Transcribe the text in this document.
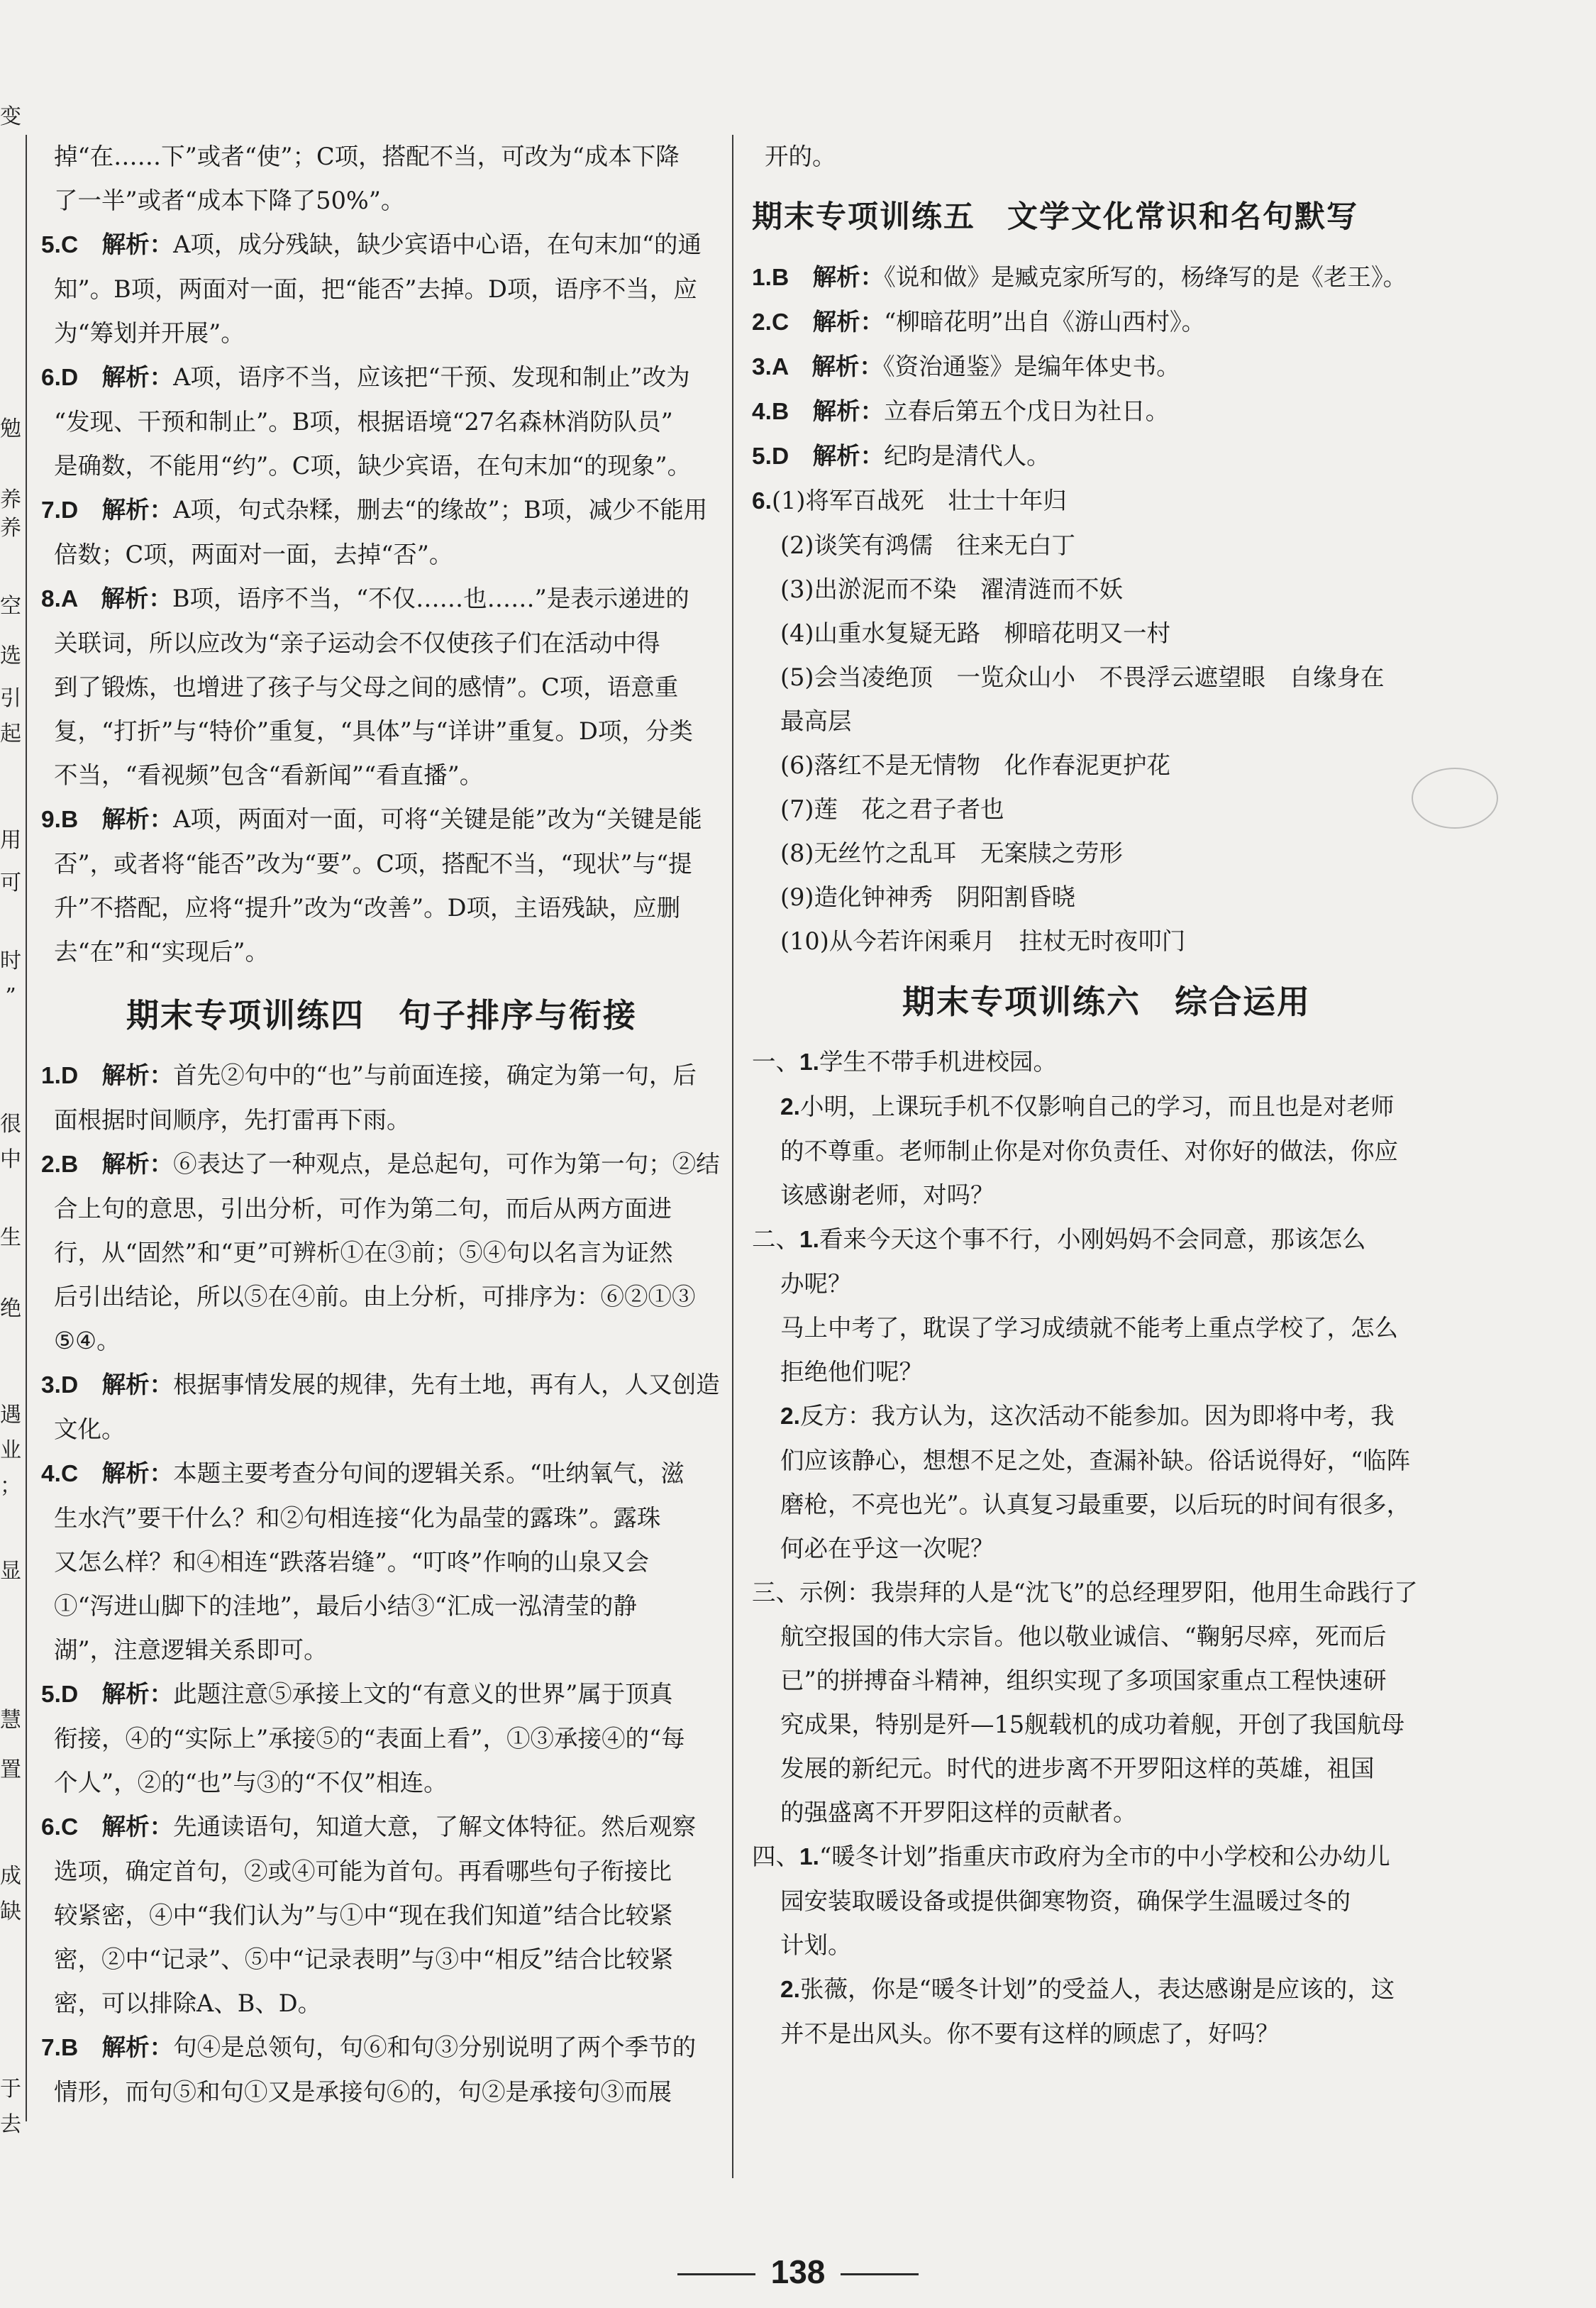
变
勉
养
养
空
选
引
起
用
可
时
”
很
中
生
绝
遇
业
；
显
慧
置
成
缺
于
去

掉“在……下”或者“使”；C项，搭配不当，可改为“成本下降

了一半”或者“成本下降了50%”。

5.C　解析：A项，成分残缺，缺少宾语中心语，在句末加“的通

知”。B项，两面对一面，把“能否”去掉。D项，语序不当，应

为“筹划并开展”。

6.D　解析：A项，语序不当，应该把“干预、发现和制止”改为

“发现、干预和制止”。B项，根据语境“27名森林消防队员”

是确数，不能用“约”。C项，缺少宾语，在句末加“的现象”。

7.D　解析：A项，句式杂糅，删去“的缘故”；B项，减少不能用

倍数；C项，两面对一面，去掉“否”。

8.A　解析：B项，语序不当，“不仅……也……”是表示递进的

关联词，所以应改为“亲子运动会不仅使孩子们在活动中得

到了锻炼，也增进了孩子与父母之间的感情”。C项，语意重

复，“打折”与“特价”重复，“具体”与“详讲”重复。D项，分类

不当，“看视频”包含“看新闻”“看直播”。

9.B　解析：A项，两面对一面，可将“关键是能”改为“关键是能

否”，或者将“能否”改为“要”。C项，搭配不当，“现状”与“提

升”不搭配，应将“提升”改为“改善”。D项，主语残缺，应删

去“在”和“实现后”。

期末专项训练四　句子排序与衔接

1.D　解析：首先②句中的“也”与前面连接，确定为第一句，后

面根据时间顺序，先打雷再下雨。

2.B　解析：⑥表达了一种观点，是总起句，可作为第一句；②结

合上句的意思，引出分析，可作为第二句，而后从两方面进

行，从“固然”和“更”可辨析①在③前；⑤④句以名言为证然

后引出结论，所以⑤在④前。由上分析，可排序为：⑥②①③

⑤④。

3.D　解析：根据事情发展的规律，先有土地，再有人，人又创造

文化。

4.C　解析：本题主要考查分句间的逻辑关系。“吐纳氧气，滋

生水汽”要干什么？和②句相连接“化为晶莹的露珠”。露珠

又怎么样？和④相连“跌落岩缝”。“叮咚”作响的山泉又会

①“泻进山脚下的洼地”，最后小结③“汇成一泓清莹的静

湖”，注意逻辑关系即可。

5.D　解析：此题注意⑤承接上文的“有意义的世界”属于顶真

衔接，④的“实际上”承接⑤的“表面上看”，①③承接④的“每

个人”，②的“也”与③的“不仅”相连。

6.C　解析：先通读语句，知道大意，了解文体特征。然后观察

选项，确定首句，②或④可能为首句。再看哪些句子衔接比

较紧密，④中“我们认为”与①中“现在我们知道”结合比较紧

密，②中“记录”、⑤中“记录表明”与③中“相反”结合比较紧

密，可以排除A、B、D。

7.B　解析：句④是总领句，句⑥和句③分别说明了两个季节的

情形，而句⑤和句①又是承接句⑥的，句②是承接句③而展

开的。

期末专项训练五　文学文化常识和名句默写

1.B　解析：《说和做》是臧克家所写的，杨绛写的是《老王》。

2.C　解析：“柳暗花明”出自《游山西村》。

3.A　解析：《资治通鉴》是编年体史书。

4.B　解析：立春后第五个戊日为社日。

5.D　解析：纪昀是清代人。

6.(1)将军百战死　壮士十年归

(2)谈笑有鸿儒　往来无白丁

(3)出淤泥而不染　濯清涟而不妖

(4)山重水复疑无路　柳暗花明又一村

(5)会当凌绝顶　一览众山小　不畏浮云遮望眼　自缘身在

最高层

(6)落红不是无情物　化作春泥更护花

(7)莲　花之君子者也

(8)无丝竹之乱耳　无案牍之劳形

(9)造化钟神秀　阴阳割昏晓

(10)从今若许闲乘月　拄杖无时夜叩门

期末专项训练六　综合运用

一、1.学生不带手机进校园。

2.小明，上课玩手机不仅影响自己的学习，而且也是对老师

的不尊重。老师制止你是对你负责任、对你好的做法，你应

该感谢老师，对吗？

二、1.看来今天这个事不行，小刚妈妈不会同意，那该怎么

办呢？

马上中考了，耽误了学习成绩就不能考上重点学校了，怎么

拒绝他们呢？

2.反方：我方认为，这次活动不能参加。因为即将中考，我

们应该静心，想想不足之处，查漏补缺。俗话说得好，“临阵

磨枪，不亮也光”。认真复习最重要，以后玩的时间有很多，

何必在乎这一次呢？

三、示例：我崇拜的人是“沈飞”的总经理罗阳，他用生命践行了

航空报国的伟大宗旨。他以敬业诚信、“鞠躬尽瘁，死而后

已”的拼搏奋斗精神，组织实现了多项国家重点工程快速研

究成果，特别是歼—15舰载机的成功着舰，开创了我国航母

发展的新纪元。时代的进步离不开罗阳这样的英雄，祖国

的强盛离不开罗阳这样的贡献者。

四、1.“暖冬计划”指重庆市政府为全市的中小学校和公办幼儿

园安装取暖设备或提供御寒物资，确保学生温暖过冬的

计划。

2.张薇，你是“暖冬计划”的受益人，表达感谢是应该的，这

并不是出风头。你不要有这样的顾虑了，好吗？

138
